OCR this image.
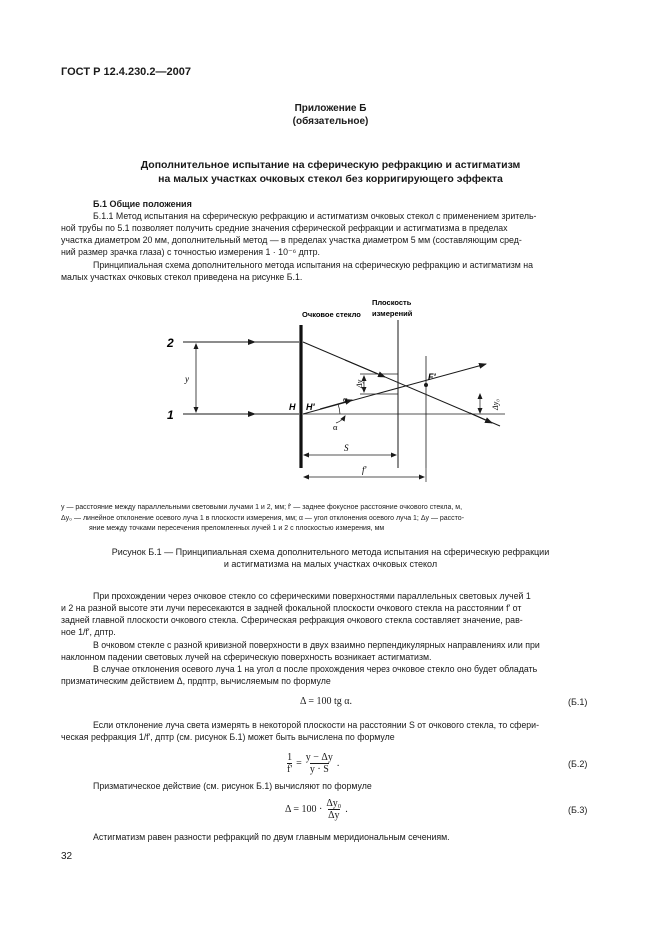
ГОСТ Р 12.4.230.2—2007
Приложение Б
(обязательное)
Дополнительное испытание на сферическую рефракцию и астигматизм
на малых участках очковых стекол без корригирующего эффекта
Б.1 Общие положения
Б.1.1 Метод испытания на сферическую рефракцию и астигматизм очковых стекол с применением зритель-
ной трубы по 5.1 позволяет получить средние значения сферической рефракции и астигматизма в пределах
участка диаметром 20 мм, дополнительный метод — в пределах участка диаметром 5 мм (составляющим сред-
ний размер зрачка глаза) с точностью измерения 1 · 10⁻⁶ дптр.
Принципиальная схема дополнительного метода испытания на сферическую рефракцию и астигматизм на
малых участках очковых стекол приведена на рисунке Б.1.
Очковое стекло
Плоскость
измерений
Δy
Δy₀
α
α
2
1
y
H H'
F'
S
f'
y — расстояние между параллельными световыми лучами 1 и 2, мм; f' — заднее фокусное расстояние очкового стекла, м,
Δy₀ — линейное отклонение осевого луча 1 в плоскости измерения, мм; α — угол отклонения осевого луча 1; Δy — рассто-
яние между точками пересечения преломленных лучей 1 и 2 с плоскостью измерения, мм
Рисунок Б.1 — Принципиальная схема дополнительного метода испытания на сферическую рефракции
и астигматизма на малых участках очковых стекол
При прохождении через очковое стекло со сферическими поверхностями параллельных световых лучей 1
и 2 на разной высоте эти лучи пересекаются в задней фокальной плоскости очкового стекла на расстоянии f' от
задней главной плоскости очкового стекла. Сферическая рефракция очкового стекла составляет значение, рав-
ное 1/f', дптр.
В очковом стекле с разной кривизной поверхности в двух взаимно перпендикулярных направлениях или при
наклонном падении световых лучей на сферическую поверхность возникает астигматизм.
В случае отклонения осевого луча 1 на угол α после прохождения через очковое стекло оно будет обладать
призматическим действием Δ, прдптр, вычисляемым по формуле
Δ = 100 tg α.	(Б.1)
Если отклонение луча света измерять в некоторой плоскости на расстоянии S от очкового стекла, то сфери-
ческая рефракция 1/f', дптр (см. рисунок Б.1) может быть вычислена по формуле
$\frac{1}{f'} = \frac{y - \Delta y}{y \cdot S}$ .	(Б.2)
Призматическое действие (см. рисунок Б.1) вычисляют по формуле
$\Delta = 100 \cdot \frac{\text{Δy₀}}{\Delta y}$ .	(Б.3)
Астигматизм равен разности рефракций по двум главным меридиональным сечениям.
32
